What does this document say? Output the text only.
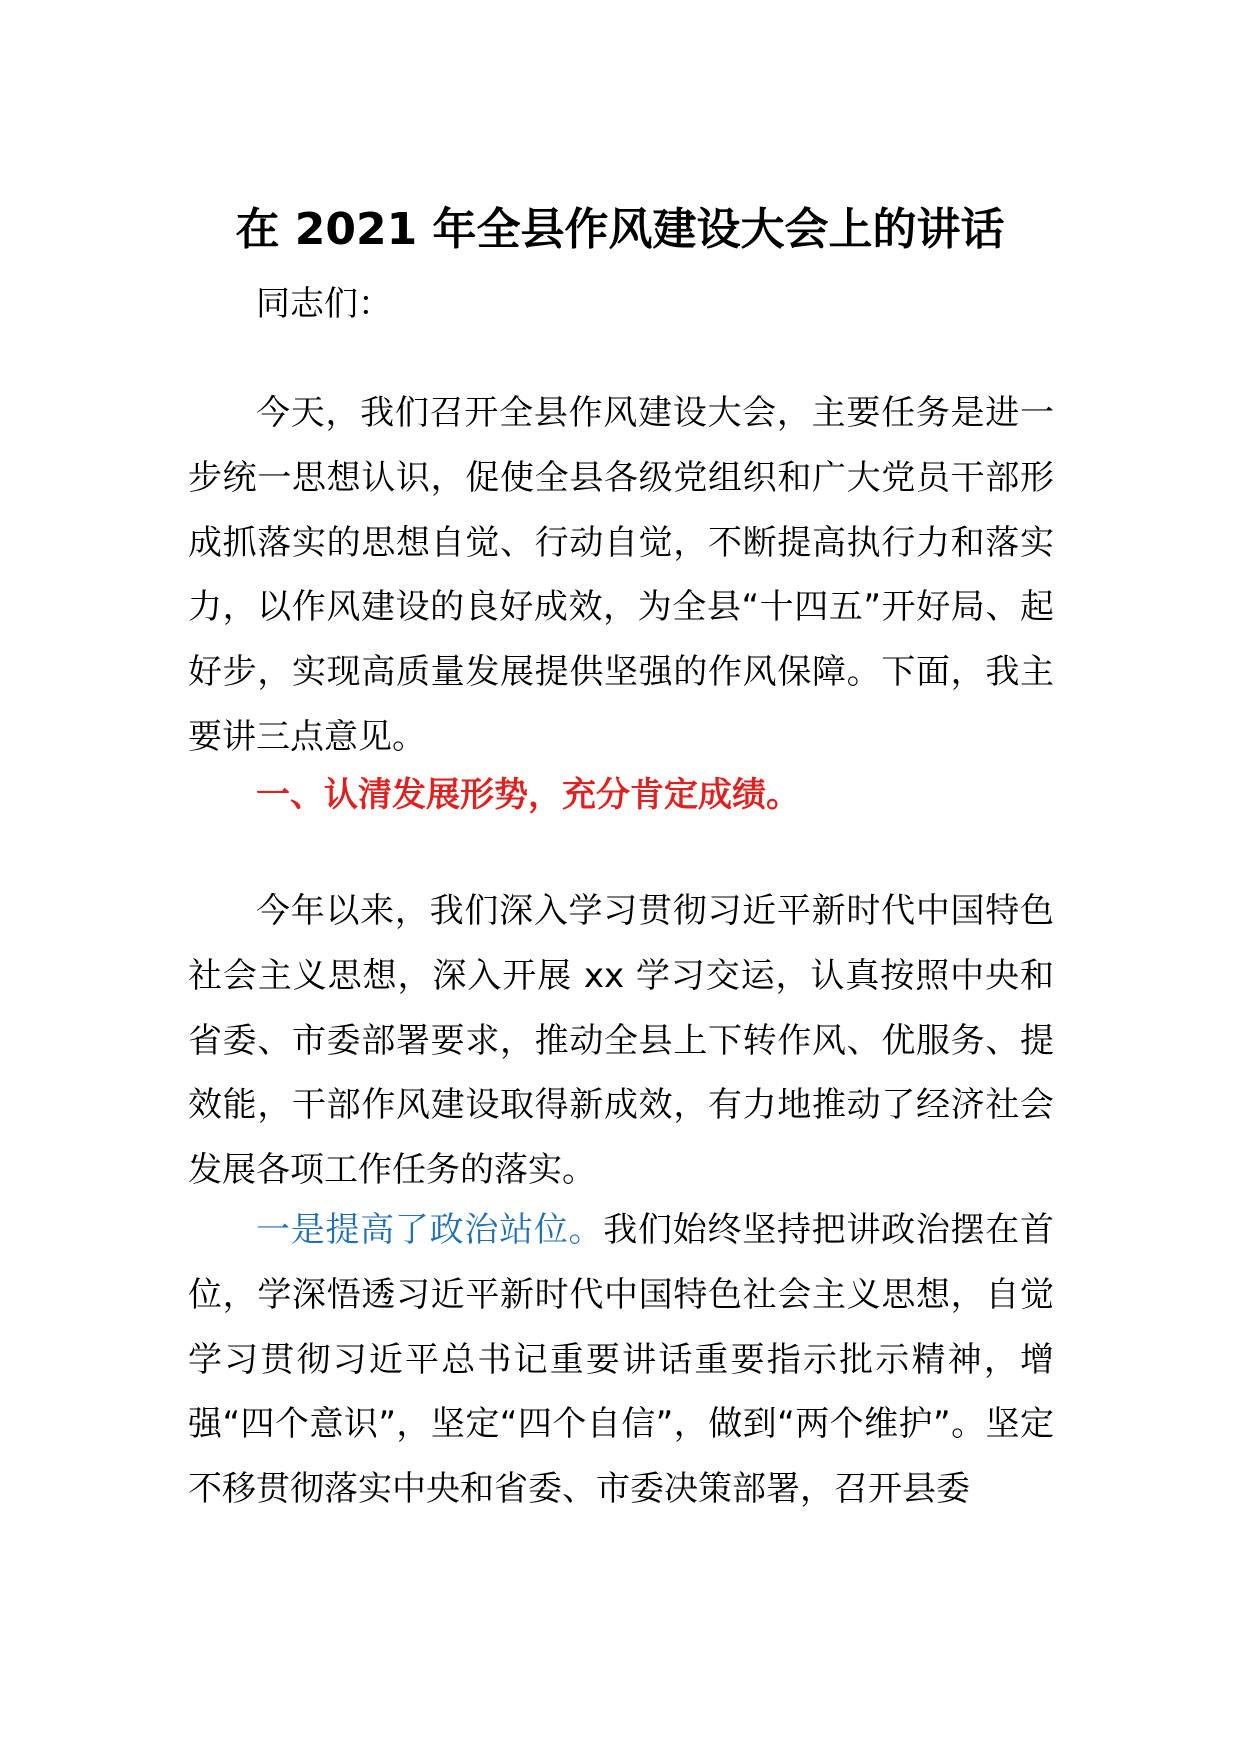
在 2021 年全县作风建设大会上的讲话

同志们：

今天，我们召开全县作风建设大会，主要任务是进一步统一思想认识，促使全县各级党组织和广大党员干部形成抓落实的思想自觉、行动自觉，不断提高执行力和落实力，以作风建设的良好成效，为全县“十四五”开好局、起好步，实现高质量发展提供坚强的作风保障。下面，我主要讲三点意见。

一、认清发展形势，充分肯定成绩。

今年以来，我们深入学习贯彻习近平新时代中国特色社会主义思想，深入开展 xx 学习交运，认真按照中央和省委、市委部署要求，推动全县上下转作风、优服务、提效能，干部作风建设取得新成效，有力地推动了经济社会发展各项工作任务的落实。

一是提高了政治站位。我们始终坚持把讲政治摆在首位，学深悟透习近平新时代中国特色社会主义思想，自觉学习贯彻习近平总书记重要讲话重要指示批示精神，增强“四个意识”，坚定“四个自信”，做到“两个维护”。坚定不移贯彻落实中央和省委、市委决策部署，召开县委
